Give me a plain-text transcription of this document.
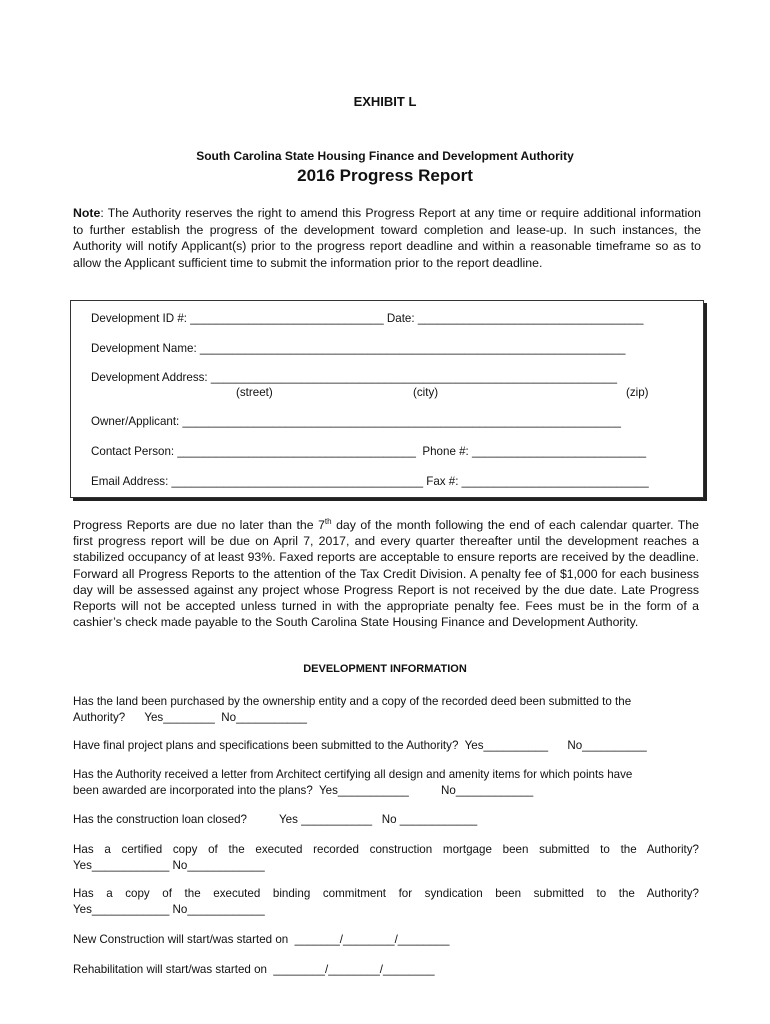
EXHIBIT L
South Carolina State Housing Finance and Development Authority
2016 Progress Report
Note: The Authority reserves the right to amend this Progress Report at any time or require additional information to further establish the progress of the development toward completion and lease-up. In such instances, the Authority will notify Applicant(s) prior to the progress report deadline and within a reasonable timeframe so as to allow the Applicant sufficient time to submit the information prior to the report deadline.
Development ID #: ______________________________ Date: ___________________________________
Development Name: __________________________________________________________________
Development Address: _______________________________________________________________
(street)	(city)	(zip)
Owner/Applicant: ____________________________________________________________________
Contact Person: _____________________________________  Phone #: ___________________________
Email Address: _______________________________________ Fax #: _____________________________
Progress Reports are due no later than the 7th day of the month following the end of each calendar quarter. The first progress report will be due on April 7, 2017, and every quarter thereafter until the development reaches a stabilized occupancy of at least 93%. Faxed reports are acceptable to ensure reports are received by the deadline. Forward all Progress Reports to the attention of the Tax Credit Division. A penalty fee of $1,000 for each business day will be assessed against any project whose Progress Report is not received by the due date. Late Progress Reports will not be accepted unless turned in with the appropriate penalty fee. Fees must be in the form of a cashier’s check made payable to the South Carolina State Housing Finance and Development Authority.
DEVELOPMENT INFORMATION
Has the land been purchased by the ownership entity and a copy of the recorded deed been submitted to the
Authority?      Yes________  No___________
Have final project plans and specifications been submitted to the Authority?  Yes__________      No__________
Has the Authority received a letter from Architect certifying all design and amenity items for which points have
been awarded are incorporated into the plans?  Yes___________          No____________
Has the construction loan closed?          Yes ___________   No ____________
Has a certified copy of the executed recorded construction mortgage been submitted to the Authority?
Yes____________ No____________
Has a copy of the executed binding commitment for syndication been submitted to the Authority?
Yes____________ No____________
New Construction will start/was started on  _______/________/________
Rehabilitation will start/was started on  ________/________/________
